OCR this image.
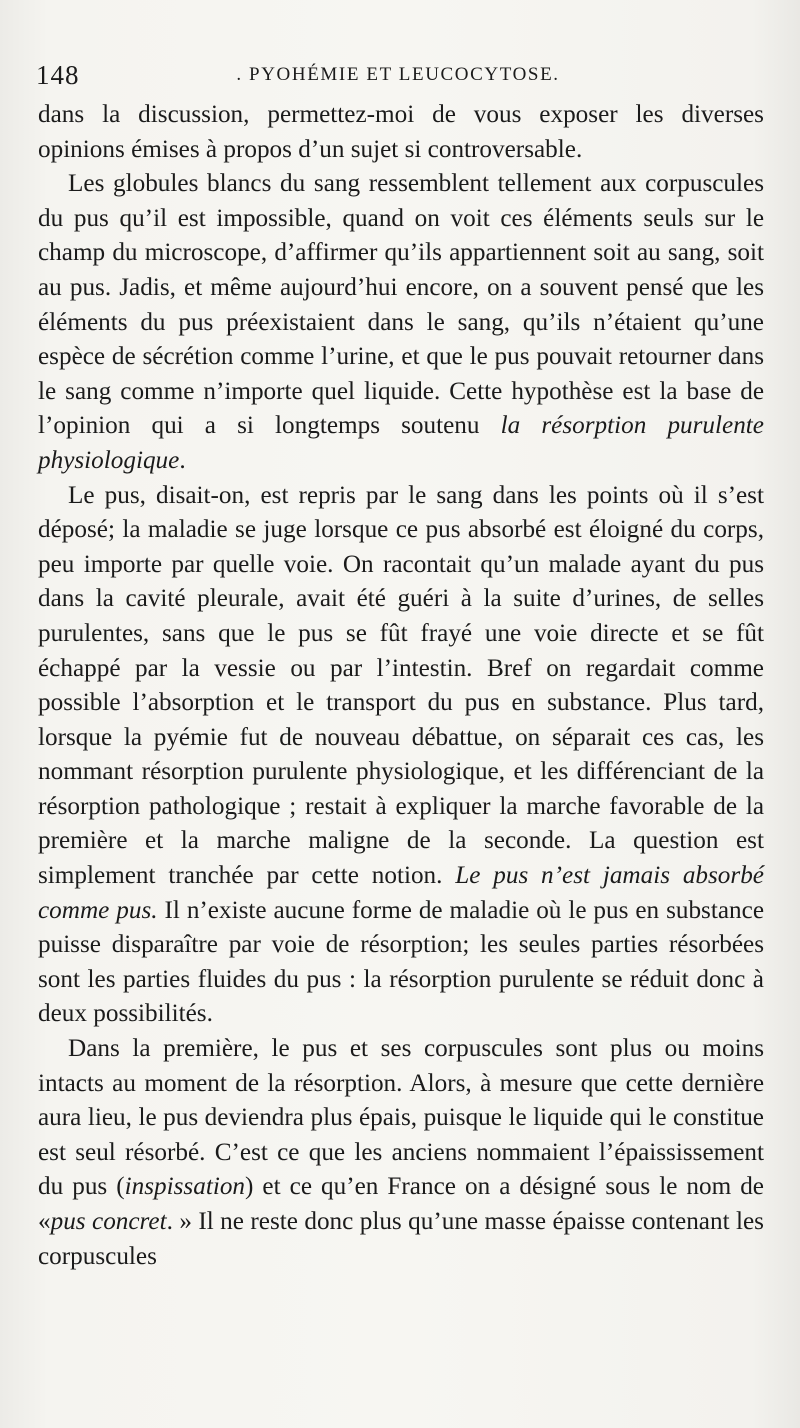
148	. PYOHÉMIE ET LEUCOCYTOSE.

dans la discussion, permettez-moi de vous exposer les diverses opinions émises à propos d’un sujet si controversable.

Les globules blancs du sang ressemblent tellement aux corpuscules du pus qu’il est impossible, quand on voit ces éléments seuls sur le champ du microscope, d’affirmer qu’ils appartiennent soit au sang, soit au pus. Jadis, et même aujourd’hui encore, on a souvent pensé que les éléments du pus préexistaient dans le sang, qu’ils n’étaient qu’une espèce de sécrétion comme l’urine, et que le pus pouvait retourner dans le sang comme n’importe quel liquide. Cette hypothèse est la base de l’opinion qui a si longtemps soutenu la résorption purulente physiologique.

Le pus, disait-on, est repris par le sang dans les points où il s’est déposé; la maladie se juge lorsque ce pus absorbé est éloigné du corps, peu importe par quelle voie. On racontait qu’un malade ayant du pus dans la cavité pleurale, avait été guéri à la suite d’urines, de selles purulentes, sans que le pus se fût frayé une voie directe et se fût échappé par la vessie ou par l’intestin. Bref on regardait comme possible l’absorption et le transport du pus en substance. Plus tard, lorsque la pyémie fut de nouveau débattue, on séparait ces cas, les nommant résorption purulente physiologique, et les différenciant de la résorption pathologique ; restait à expliquer la marche favorable de la première et la marche maligne de la seconde. La question est simplement tranchée par cette notion. Le pus n’est jamais absorbé comme pus. Il n’existe aucune forme de maladie où le pus en substance puisse disparaître par voie de résorption; les seules parties résorbées sont les parties fluides du pus : la résorption purulente se réduit donc à deux possibilités.

Dans la première, le pus et ses corpuscules sont plus ou moins intacts au moment de la résorption. Alors, à mesure que cette dernière aura lieu, le pus deviendra plus épais, puisque le liquide qui le constitue est seul résorbé. C’est ce que les anciens nommaient l’épaississement du pus (inspissation) et ce qu’en France on a désigné sous le nom de «pus concret. » Il ne reste donc plus qu’une masse épaisse contenant les corpuscules
